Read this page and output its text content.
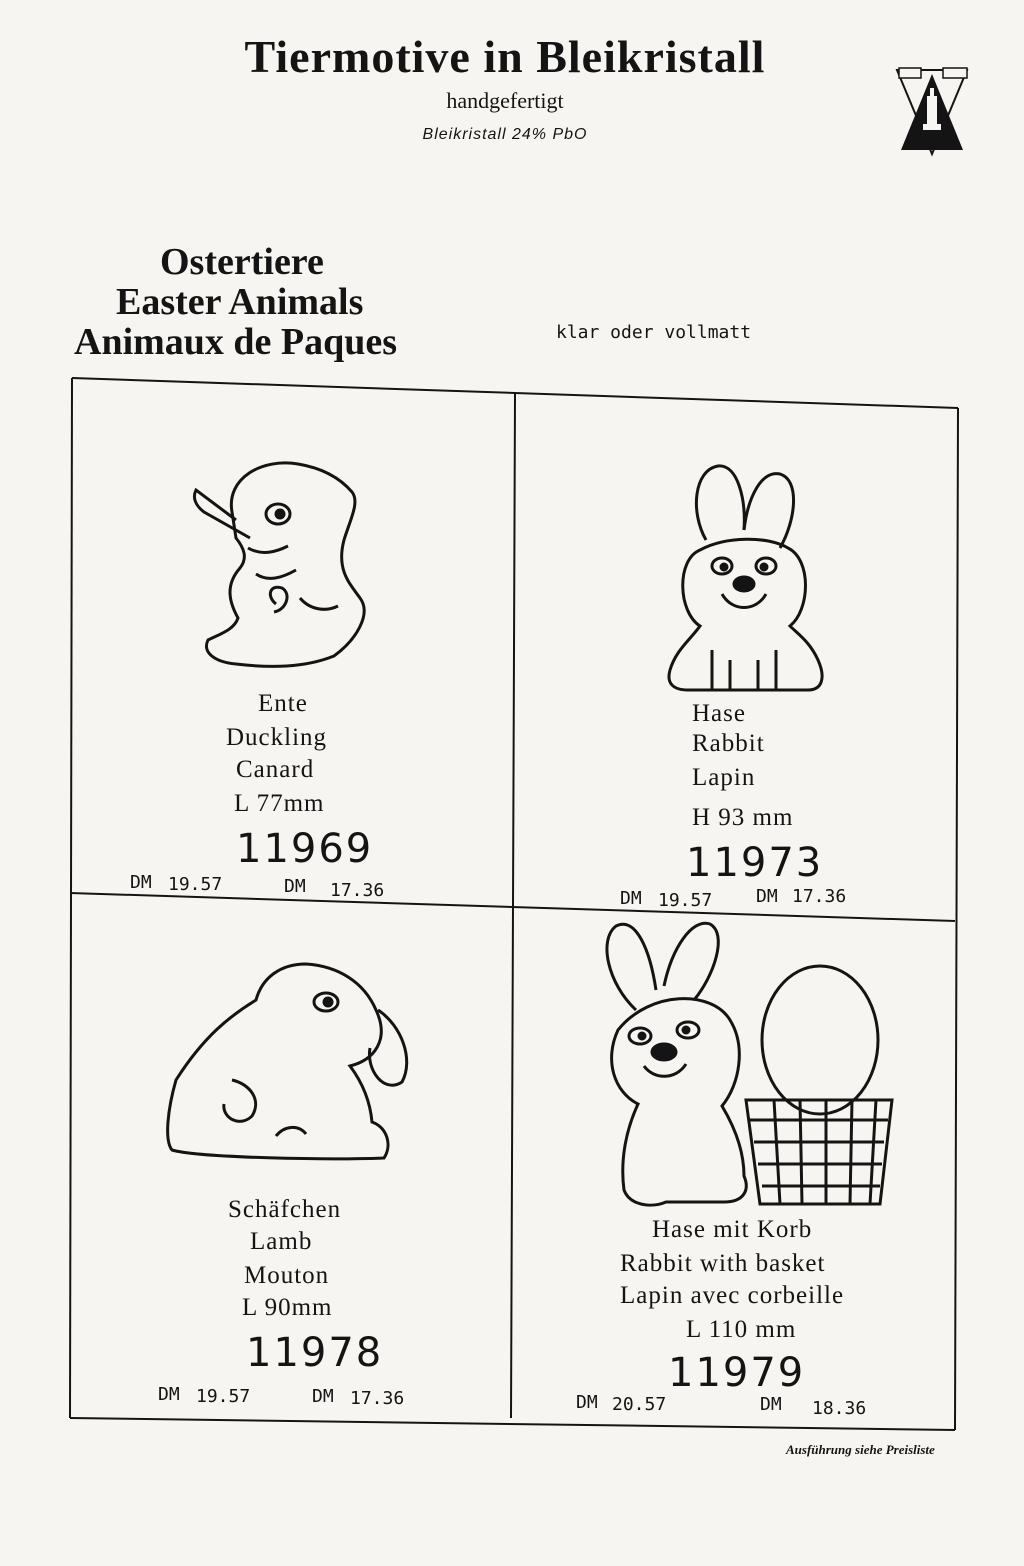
Tiermotive in Bleikristall
handgefertigt
Bleikristall 24% PbO
Ostertiere
Easter Animals
Animaux de Paques	klar oder vollmatt
Ente
Duckling
Canard
L 77mm
11969
DM 19.57	DM 17.36
Hase
Rabbit
Lapin
H 93 mm
11973
DM 19.57 DM 17.36
Schäfchen
Lamb
Mouton
L 90mm
11978
DM 19.57	DM 17.36
Hase mit Korb
Rabbit with basket
Lapin avec corbeille
L 110 mm
11979
DM 20.57	DM 18.36
Ausführung siehe Preisliste
